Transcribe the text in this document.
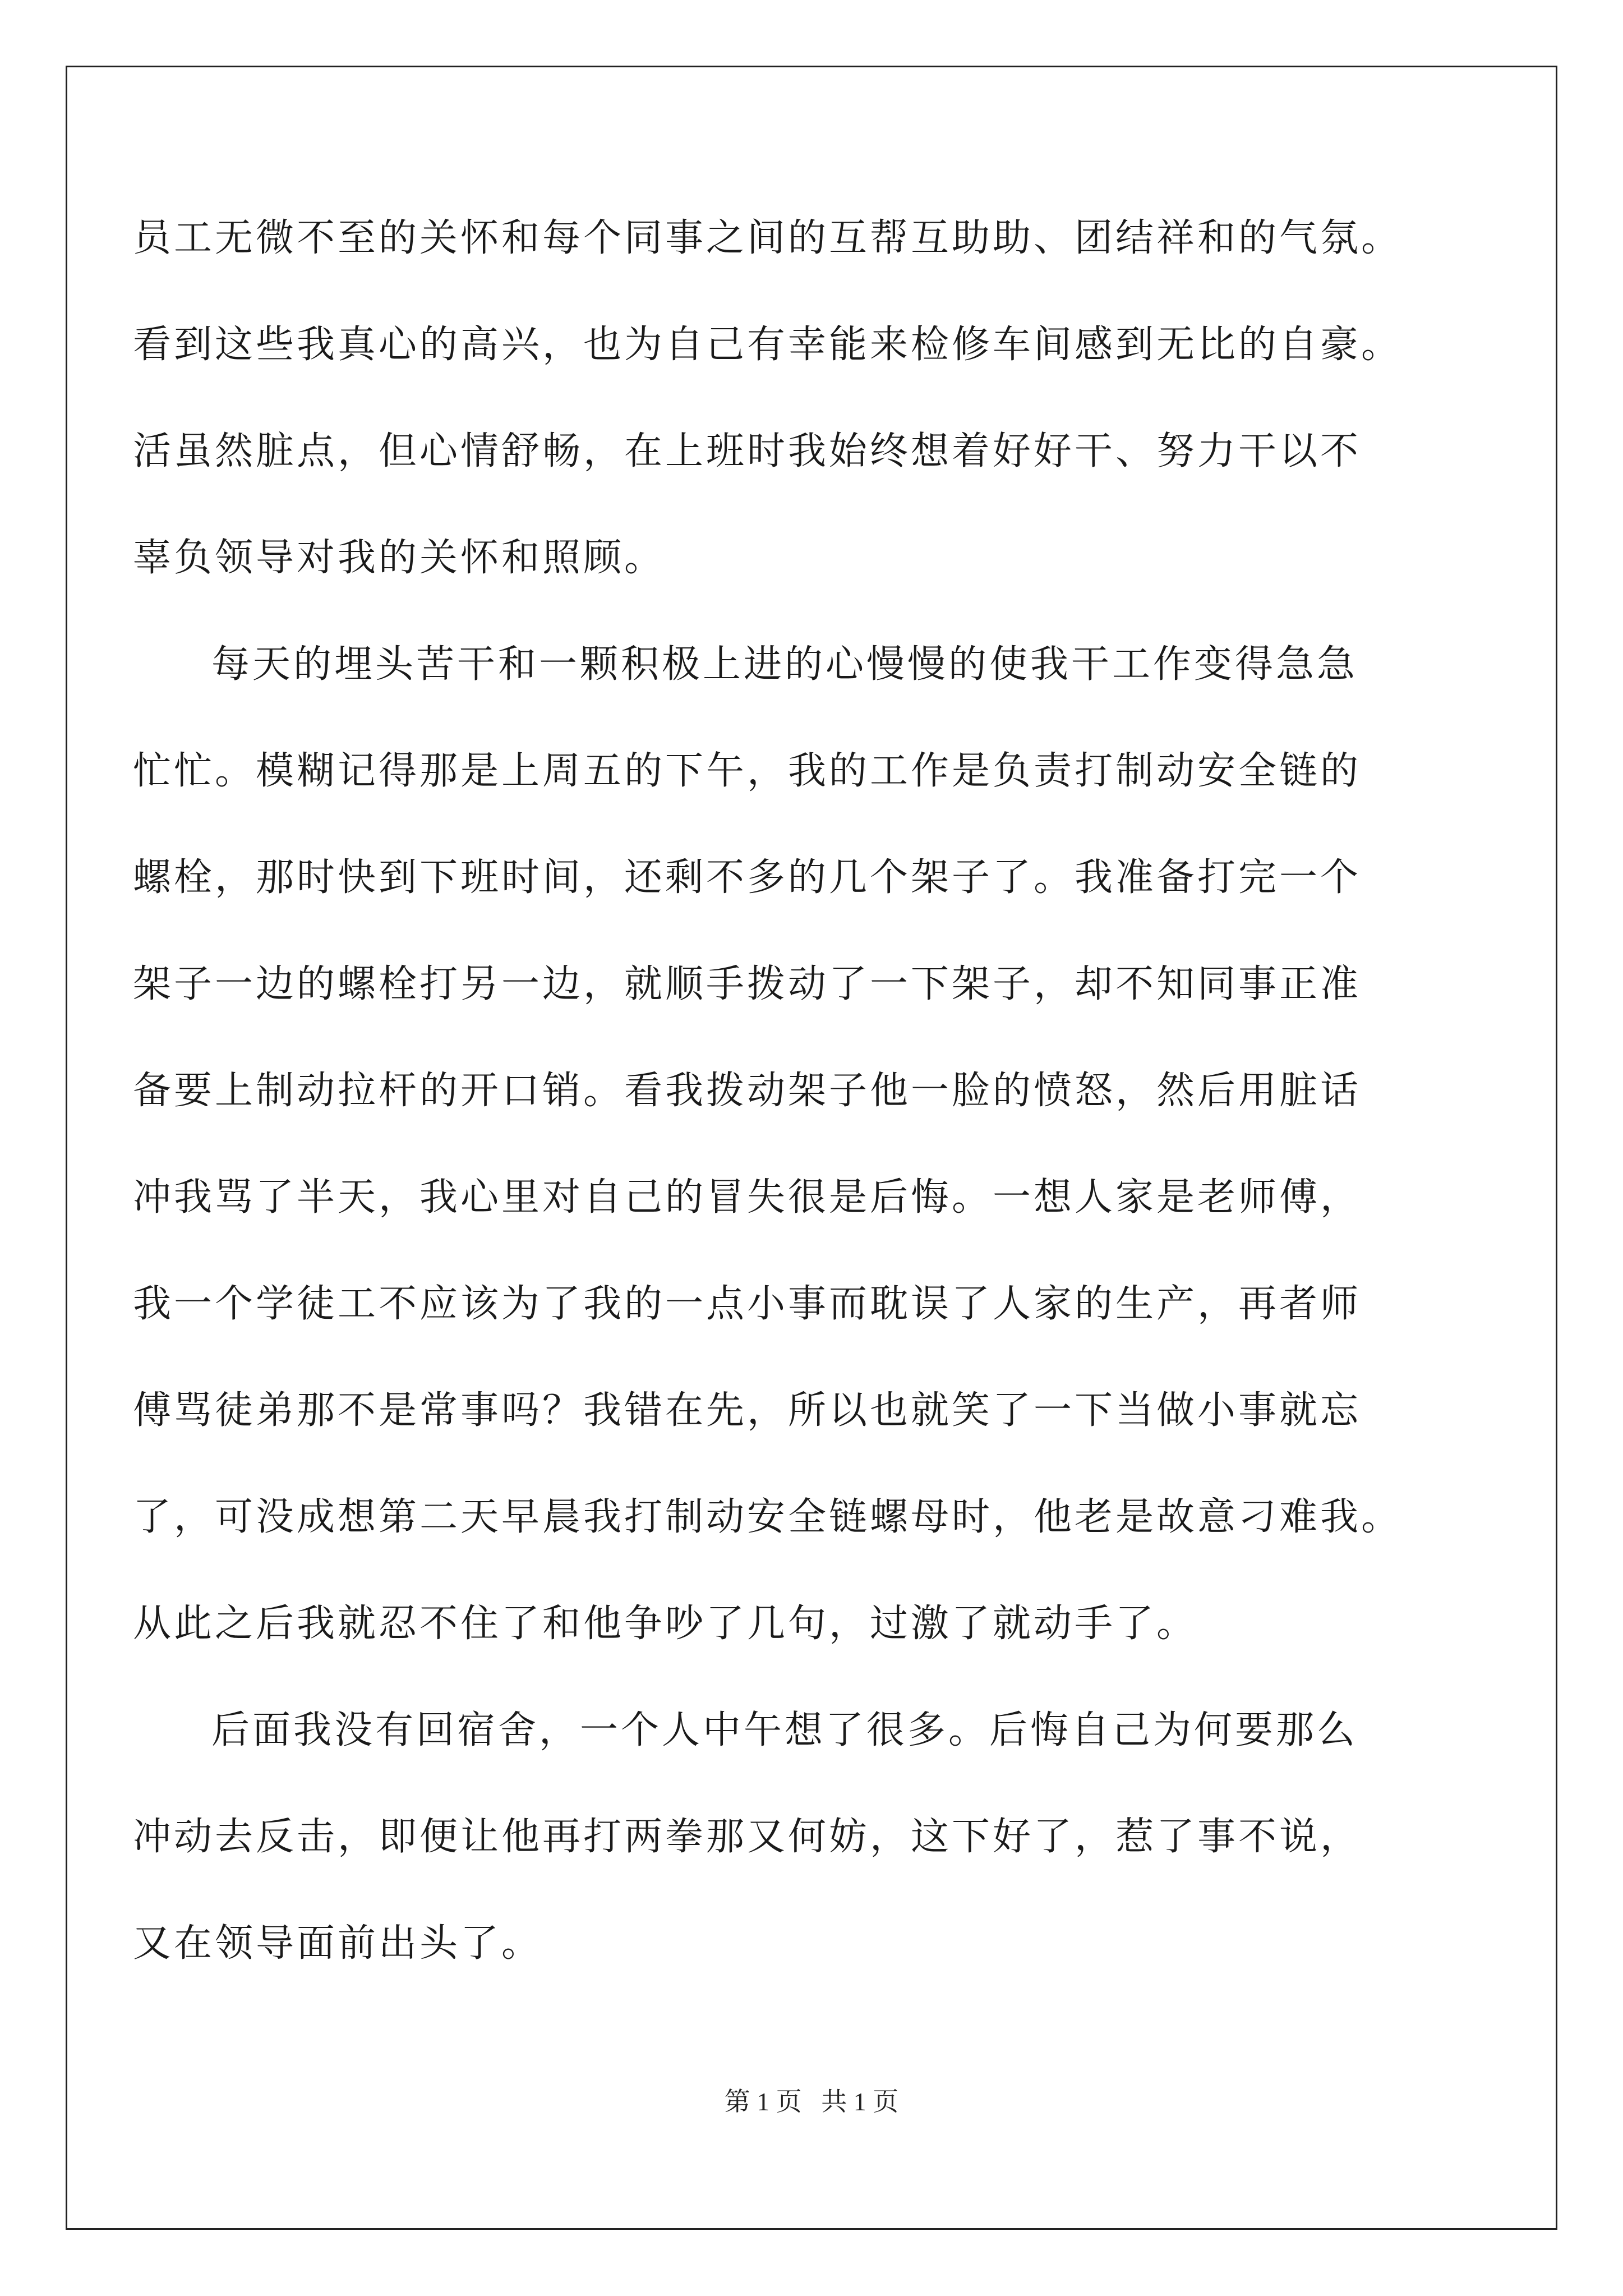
员工无微不至的关怀和每个同事之间的互帮互助助、团结祥和的气氛。
看到这些我真心的高兴，也为自己有幸能来检修车间感到无比的自豪。
活虽然脏点，但心情舒畅，在上班时我始终想着好好干、努力干以不
辜负领导对我的关怀和照顾。
每天的埋头苦干和一颗积极上进的心慢慢的使我干工作变得急急
忙忙。模糊记得那是上周五的下午，我的工作是负责打制动安全链的
螺栓，那时快到下班时间，还剩不多的几个架子了。我准备打完一个
架子一边的螺栓打另一边，就顺手拨动了一下架子，却不知同事正准
备要上制动拉杆的开口销。看我拨动架子他一脸的愤怒，然后用脏话
冲我骂了半天，我心里对自己的冒失很是后悔。一想人家是老师傅，
我一个学徒工不应该为了我的一点小事而耽误了人家的生产，再者师
傅骂徒弟那不是常事吗？我错在先，所以也就笑了一下当做小事就忘
了，可没成想第二天早晨我打制动安全链螺母时，他老是故意刁难我。
从此之后我就忍不住了和他争吵了几句，过激了就动手了。
后面我没有回宿舍，一个人中午想了很多。后悔自己为何要那么
冲动去反击，即便让他再打两拳那又何妨，这下好了，惹了事不说，
又在领导面前出头了。
第 1 页   共 1 页
